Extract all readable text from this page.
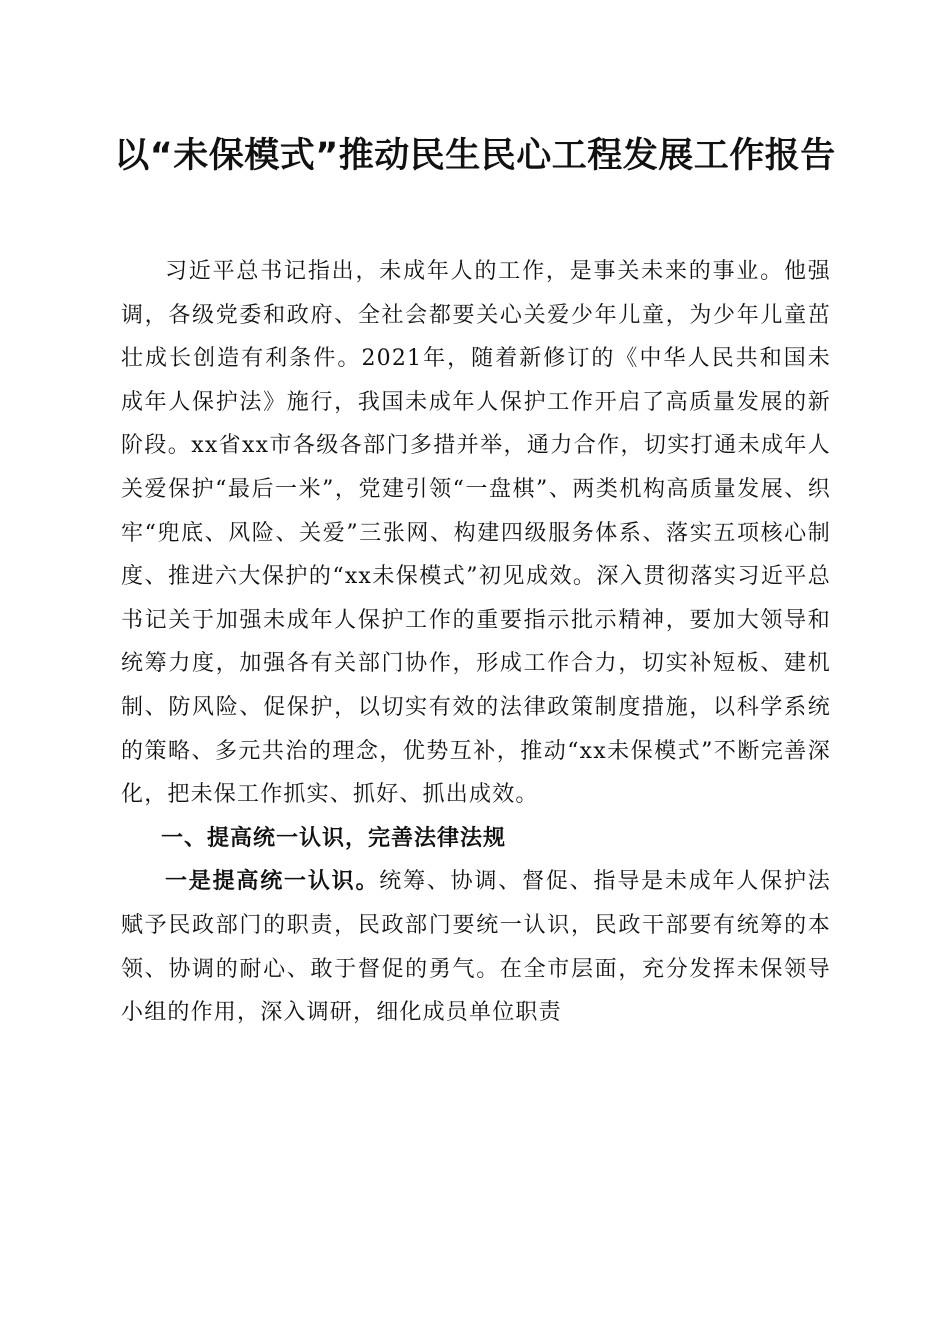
以“未保模式”推动民生民心工程发展工作报告

习近平总书记指出，未成年人的工作，是事关未来的事业。他强调，各级党委和政府、全社会都要关心关爱少年儿童，为少年儿童茁壮成长创造有利条件。2021年，随着新修订的《中华人民共和国未成年人保护法》施行，我国未成年人保护工作开启了高质量发展的新阶段。xx省xx市各级各部门多措并举，通力合作，切实打通未成年人关爱保护“最后一米”，党建引领“一盘棋”、两类机构高质量发展、织牢“兜底、风险、关爱”三张网、构建四级服务体系、落实五项核心制度、推进六大保护的“xx未保模式”初见成效。深入贯彻落实习近平总书记关于加强未成年人保护工作的重要指示批示精神，要加大领导和统筹力度，加强各有关部门协作，形成工作合力，切实补短板、建机制、防风险、促保护，以切实有效的法律政策制度措施，以科学系统的策略、多元共治的理念，优势互补，推动“xx未保模式”不断完善深化，把未保工作抓实、抓好、抓出成效。

一、提高统一认识，完善法律法规

一是提高统一认识。统筹、协调、督促、指导是未成年人保护法赋予民政部门的职责，民政部门要统一认识，民政干部要有统筹的本领、协调的耐心、敢于督促的勇气。在全市层面，充分发挥未保领导小组的作用，深入调研，细化成员单位职责
